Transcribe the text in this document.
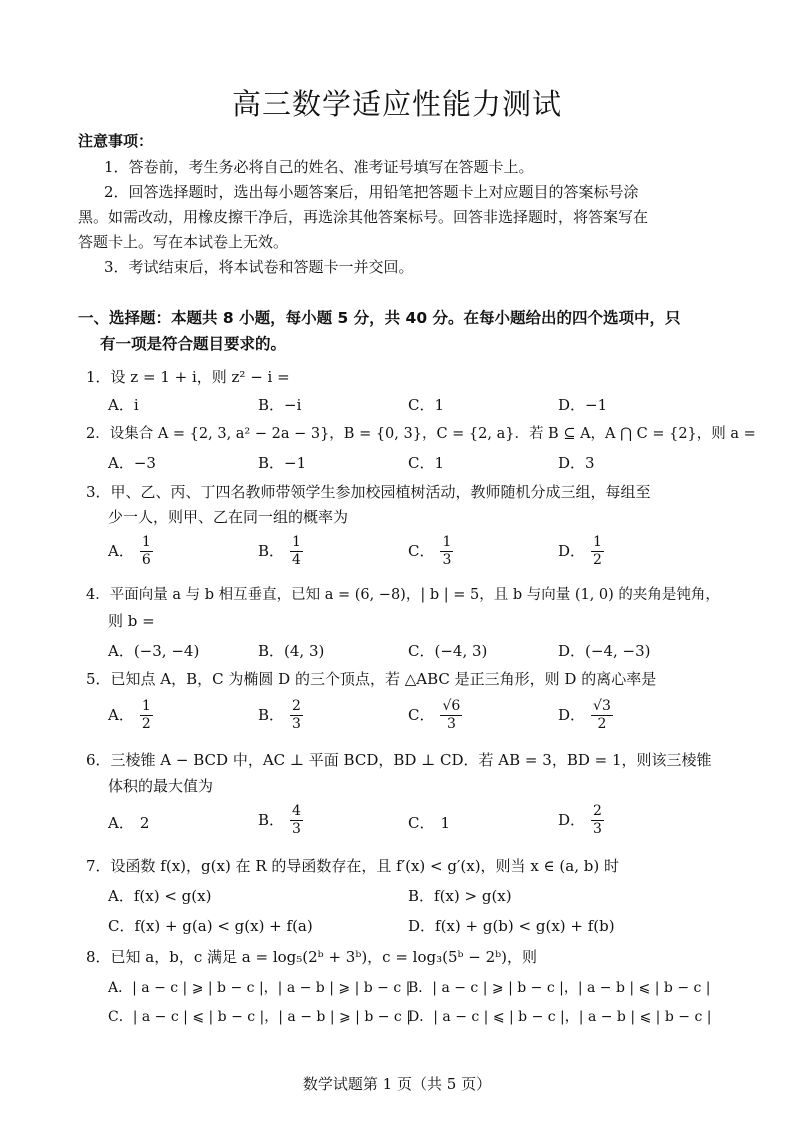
高三数学适应性能力测试
注意事项：
1．答卷前，考生务必将自己的姓名、准考证号填写在答题卡上。
2．回答选择题时，选出每小题答案后，用铅笔把答题卡上对应题目的答案标号涂
黑。如需改动，用橡皮擦干净后，再选涂其他答案标号。回答非选择题时，将答案写在
答题卡上。写在本试卷上无效。
3．考试结束后，将本试卷和答题卡一并交回。
一、选择题：本题共 8 小题，每小题 5 分，共 40 分。在每小题给出的四个选项中，只
有一项是符合题目要求的。
1．设 z = 1 + i，则 z² − i =
A．i	B．−i	C．1	D．−1
2．设集合 A = {2, 3, a² − 2a − 3}，B = {0, 3}，C = {2, a}．若 B ⊆ A，A ⋂ C = {2}，则 a =
A．−3	B．−1	C．1	D．3
3．甲、乙、丙、丁四名教师带领学生参加校园植树活动，教师随机分成三组，每组至
少一人，则甲、乙在同一组的概率为
A． $\frac{1}{6}$	B． $\frac{1}{4}$	C． $\frac{1}{3}$	D． $\frac{1}{2}$
4．平面向量 a 与 b 相互垂直，已知 a = (6, −8)，| b | = 5，且 b 与向量 (1, 0) 的夹角是钝角，
则 b =
A．(−3, −4)	B．(4, 3)	C．(−4, 3)	D．(−4, −3)
5．已知点 A，B，C 为椭圆 D 的三个顶点，若 △ABC 是正三角形，则 D 的离心率是
A． $\frac{1}{2}$	B． $\frac{2}{3}$	C． $\frac{√6}{3}$	D． $\frac{√3}{2}$
6．三棱锥 A − BCD 中，AC ⊥ 平面 BCD，BD ⊥ CD．若 AB = 3，BD = 1，则该三棱锥
体积的最大值为
A． 2	B． $\frac{4}{3}$	C． 1	D． $\frac{2}{3}$
7．设函数 f(x)，g(x) 在 R 的导函数存在，且 f′(x) < g′(x)，则当 x ∈ (a, b) 时
A．f(x) < g(x)	B．f(x) > g(x)
C．f(x) + g(a) < g(x) + f(a)	D．f(x) + g(b) < g(x) + f(b)
8．已知 a，b，c 满足 a = log₅(2ᵇ + 3ᵇ)，c = log₃(5ᵇ − 2ᵇ)，则
A．| a − c | ⩾ | b − c |，| a − b | ⩾ | b − c |
B．| a − c | ⩾ | b − c |，| a − b | ⩽ | b − c |
C．| a − c | ⩽ | b − c |，| a − b | ⩾ | b − c |
D．| a − c | ⩽ | b − c |，| a − b | ⩽ | b − c |
数学试题第 1 页（共 5 页）
